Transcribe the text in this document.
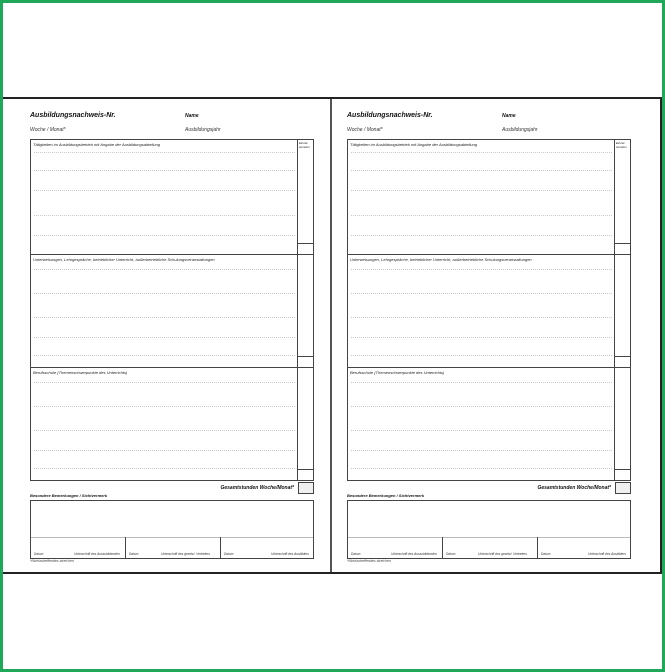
Ausbildungsnachweis-Nr.	Name
Woche / Monat*	Ausbildungsjahr
Tätigkeiten im Ausbildungsbetrieb mit Angabe der Ausbildungsabteilung	Einzel-stunden
Unterweisungen, Lehrgespräche, betrieblicher Unterricht, außerbetriebliche Schulungsveranstaltungen
Berufsschule (Themenschwerpunkte des Unterrichts)
Gesamtstunden Woche/Monat*
Besondere Bemerkungen / Sichtvermerk
Datum	Unterschrift des Auszubildenden	Datum	Unterschrift des gesetzl. Vertreters	Datum	Unterschrift des Ausbilders
*Nichtzutreffendes streichen
Ausbildungsnachweis-Nr.	Name
Woche / Monat*	Ausbildungsjahr
Tätigkeiten im Ausbildungsbetrieb mit Angabe der Ausbildungsabteilung	Einzel-stunden
Unterweisungen, Lehrgespräche, betrieblicher Unterricht, außerbetriebliche Schulungsveranstaltungen
Berufsschule (Themenschwerpunkte des Unterrichts)
Gesamtstunden Woche/Monat*
Besondere Bemerkungen / Sichtvermerk
Datum	Unterschrift des Auszubildenden	Datum	Unterschrift des gesetzl. Vertreters	Datum	Unterschrift des Ausbilders
*Nichtzutreffendes streichen
